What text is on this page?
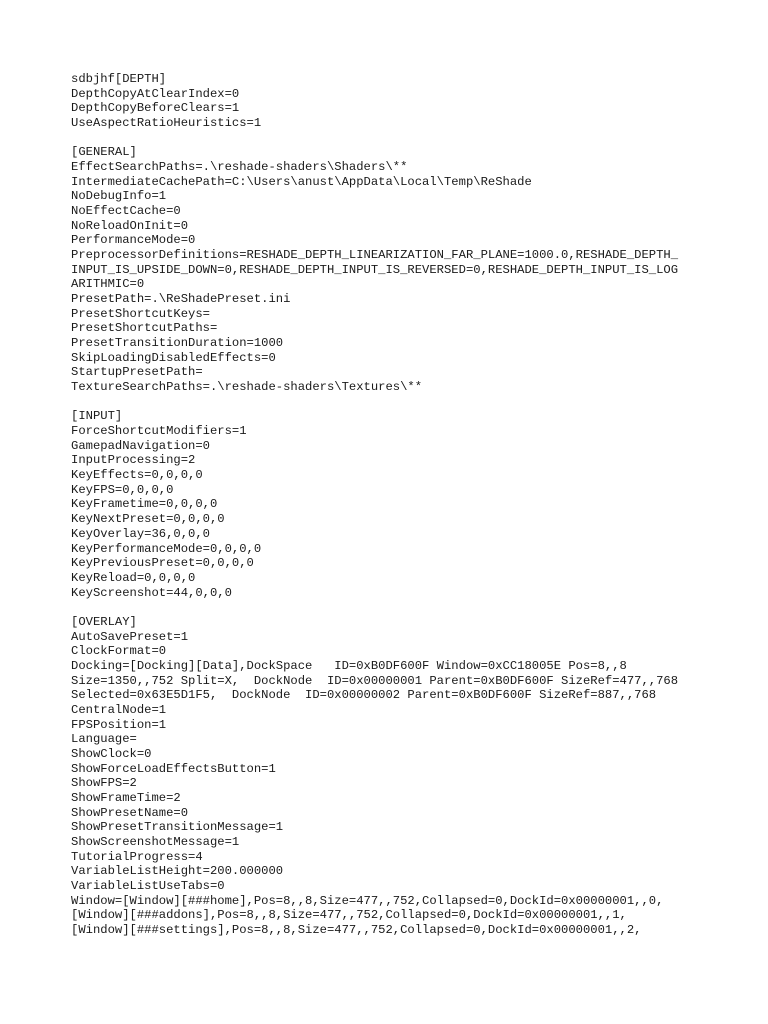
sdbjhf[DEPTH]
DepthCopyAtClearIndex=0
DepthCopyBeforeClears=1
UseAspectRatioHeuristics=1
[GENERAL]
EffectSearchPaths=.\reshade-shaders\Shaders\**
IntermediateCachePath=C:\Users\anust\AppData\Local\Temp\ReShade
NoDebugInfo=1
NoEffectCache=0
NoReloadOnInit=0
PerformanceMode=0
PreprocessorDefinitions=RESHADE_DEPTH_LINEARIZATION_FAR_PLANE=1000.0,RESHADE_DEPTH_
INPUT_IS_UPSIDE_DOWN=0,RESHADE_DEPTH_INPUT_IS_REVERSED=0,RESHADE_DEPTH_INPUT_IS_LOG
ARITHMIC=0
PresetPath=.\ReShadePreset.ini
PresetShortcutKeys=
PresetShortcutPaths=
PresetTransitionDuration=1000
SkipLoadingDisabledEffects=0
StartupPresetPath=
TextureSearchPaths=.\reshade-shaders\Textures\**
[INPUT]
ForceShortcutModifiers=1
GamepadNavigation=0
InputProcessing=2
KeyEffects=0,0,0,0
KeyFPS=0,0,0,0
KeyFrametime=0,0,0,0
KeyNextPreset=0,0,0,0
KeyOverlay=36,0,0,0
KeyPerformanceMode=0,0,0,0
KeyPreviousPreset=0,0,0,0
KeyReload=0,0,0,0
KeyScreenshot=44,0,0,0
[OVERLAY]
AutoSavePreset=1
ClockFormat=0
Docking=[Docking][Data],DockSpace   ID=0xB0DF600F Window=0xCC18005E Pos=8,,8
Size=1350,,752 Split=X,  DockNode  ID=0x00000001 Parent=0xB0DF600F SizeRef=477,,768
Selected=0x63E5D1F5,  DockNode  ID=0x00000002 Parent=0xB0DF600F SizeRef=887,,768
CentralNode=1
FPSPosition=1
Language=
ShowClock=0
ShowForceLoadEffectsButton=1
ShowFPS=2
ShowFrameTime=2
ShowPresetName=0
ShowPresetTransitionMessage=1
ShowScreenshotMessage=1
TutorialProgress=4
VariableListHeight=200.000000
VariableListUseTabs=0
Window=[Window][###home],Pos=8,,8,Size=477,,752,Collapsed=0,DockId=0x00000001,,0,
[Window][###addons],Pos=8,,8,Size=477,,752,Collapsed=0,DockId=0x00000001,,1,
[Window][###settings],Pos=8,,8,Size=477,,752,Collapsed=0,DockId=0x00000001,,2,
